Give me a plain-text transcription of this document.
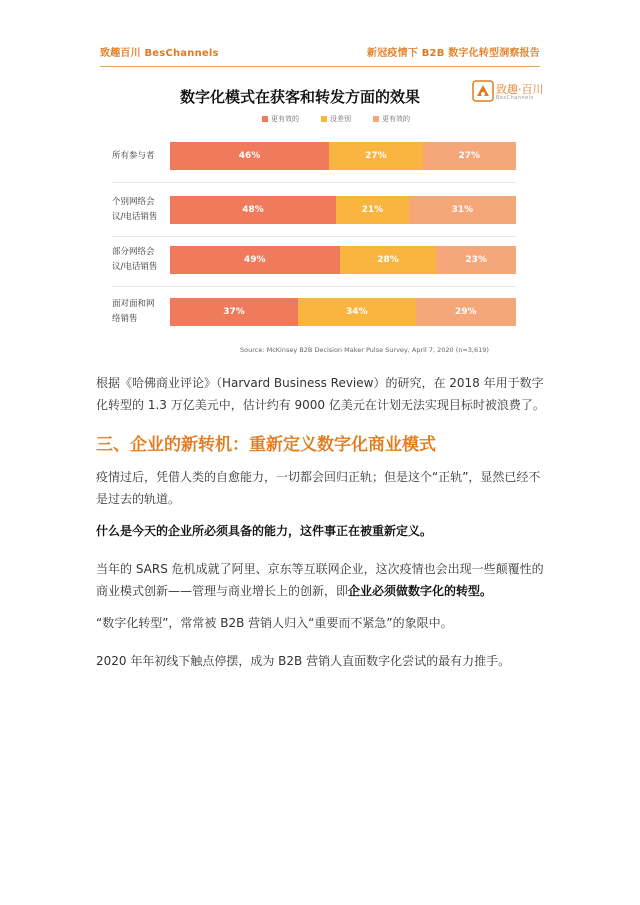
致趣百川 BesChannels	新冠疫情下 B2B 数字化转型洞察报告
数字化模式在获客和转发方面的效果	致趣·百川
BesChannels
更有效的	没差别	更有效的
所有参与者	46%	27%	27%
个别网络会
议/电话销售
48%	21%	31%
部分网络会
议/电话销售
49%	28%	23%
面对面和网
络销售
37%	34%	29%
Source: McKinsey B2B Decision Maker Pulse Survey, April 7, 2020 (n=3,619)

根据《哈佛商业评论》（Harvard Business Review）的研究，在 2018 年用于数字化转型的 1.3 万亿美元中，估计约有 9000 亿美元在计划无法实现目标时被浪费了。

三、企业的新转机：重新定义数字化商业模式

疫情过后，凭借人类的自愈能力，一切都会回归正轨；但是这个“正轨”，显然已经不是过去的轨道。

什么是今天的企业所必须具备的能力，这件事正在被重新定义。

当年的 SARS 危机成就了阿里、京东等互联网企业，这次疫情也会出现一些颠覆性的商业模式创新——管理与商业增长上的创新，即企业必须做数字化的转型。

“数字化转型”，常常被 B2B 营销人归入“重要而不紧急”的象限中。

2020 年年初线下触点停摆，成为 B2B 营销人直面数字化尝试的最有力推手。
